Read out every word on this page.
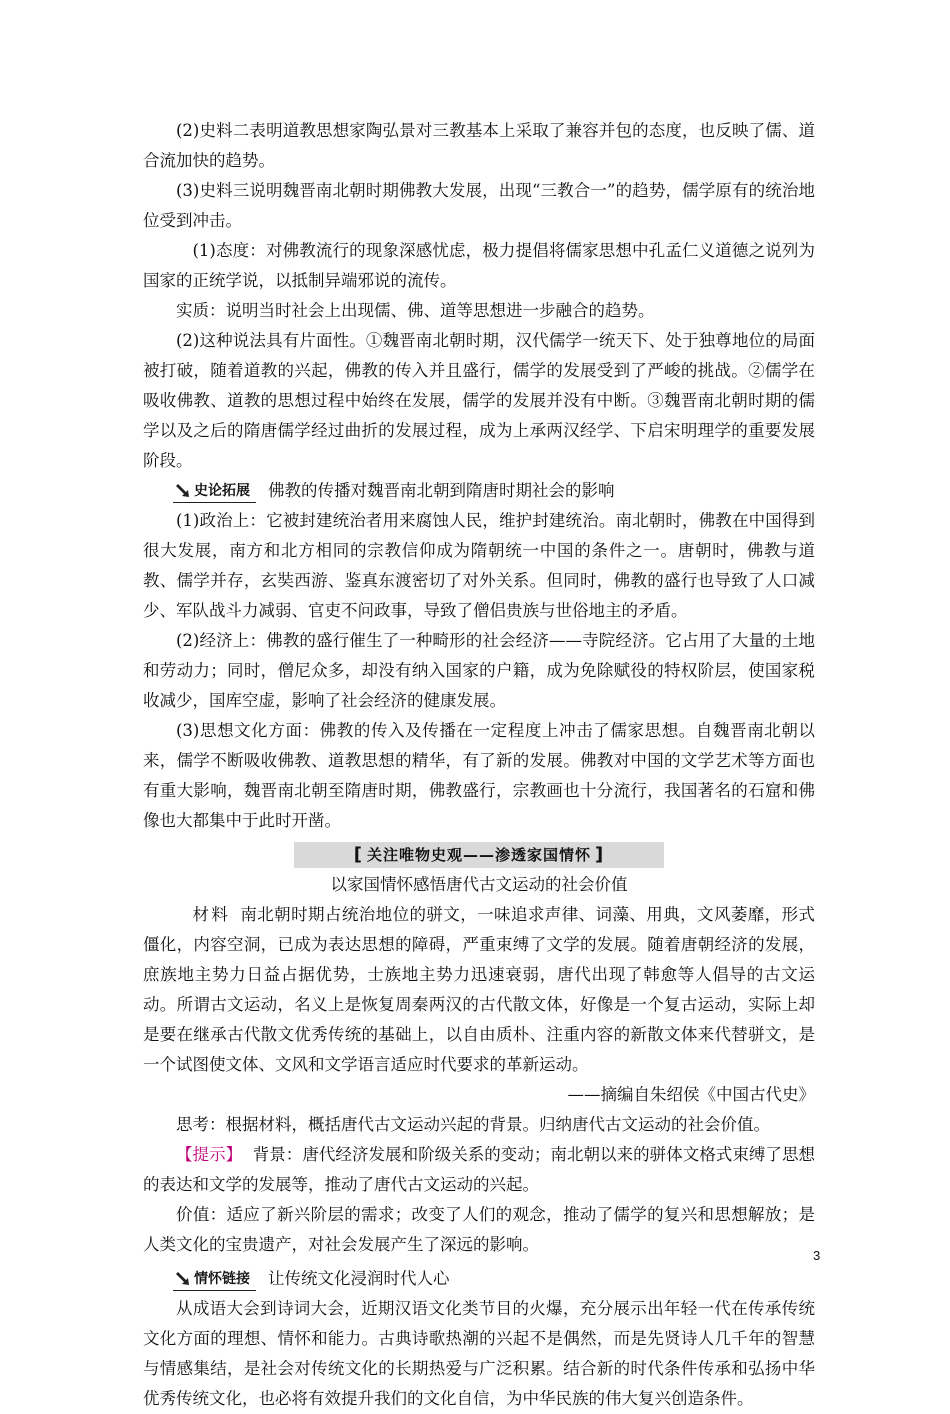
(2)史料二表明道教思想家陶弘景对三教基本上采取了兼容并包的态度，也反映了儒、道合流加快的趋势。

(3)史料三说明魏晋南北朝时期佛教大发展，出现“三教合一”的趋势，儒学原有的统治地位受到冲击。

(1)态度：对佛教流行的现象深感忧虑，极力提倡将儒家思想中孔孟仁义道德之说列为国家的正统学说，以抵制异端邪说的流传。

实质：说明当时社会上出现儒、佛、道等思想进一步融合的趋势。

(2)这种说法具有片面性。①魏晋南北朝时期，汉代儒学一统天下、处于独尊地位的局面被打破，随着道教的兴起，佛教的传入并且盛行，儒学的发展受到了严峻的挑战。②儒学在吸收佛教、道教的思想过程中始终在发展，儒学的发展并没有中断。③魏晋南北朝时期的儒学以及之后的隋唐儒学经过曲折的发展过程，成为上承两汉经学、下启宋明理学的重要发展阶段。

史论拓展 佛教的传播对魏晋南北朝到隋唐时期社会的影响

(1)政治上：它被封建统治者用来腐蚀人民，维护封建统治。南北朝时，佛教在中国得到很大发展，南方和北方相同的宗教信仰成为隋朝统一中国的条件之一。唐朝时，佛教与道教、儒学并存，玄奘西游、鉴真东渡密切了对外关系。但同时，佛教的盛行也导致了人口减少、军队战斗力减弱、官吏不问政事，导致了僧侣贵族与世俗地主的矛盾。

(2)经济上：佛教的盛行催生了一种畸形的社会经济——寺院经济。它占用了大量的土地和劳动力；同时，僧尼众多，却没有纳入国家的户籍，成为免除赋役的特权阶层，使国家税收减少，国库空虚，影响了社会经济的健康发展。

(3)思想文化方面：佛教的传入及传播在一定程度上冲击了儒家思想。自魏晋南北朝以来，儒学不断吸收佛教、道教思想的精华，有了新的发展。佛教对中国的文学艺术等方面也有重大影响，魏晋南北朝至隋唐时期，佛教盛行，宗教画也十分流行，我国著名的石窟和佛像也大都集中于此时开凿。

[ 关注唯物史观——渗透家国情怀 ]

以家国情怀感悟唐代古文运动的社会价值

材料 南北朝时期占统治地位的骈文，一味追求声律、词藻、用典，文风萎靡，形式僵化，内容空洞，已成为表达思想的障碍，严重束缚了文学的发展。随着唐朝经济的发展，庶族地主势力日益占据优势，士族地主势力迅速衰弱，唐代出现了韩愈等人倡导的古文运动。所谓古文运动，名义上是恢复周秦两汉的古代散文体，好像是一个复古运动，实际上却是要在继承古代散文优秀传统的基础上，以自由质朴、注重内容的新散文体来代替骈文，是一个试图使文体、文风和文学语言适应时代要求的革新运动。

——摘编自朱绍侯《中国古代史》

思考：根据材料，概括唐代古文运动兴起的背景。归纳唐代古文运动的社会价值。

【提示】 背景：唐代经济发展和阶级关系的变动；南北朝以来的骈体文格式束缚了思想的表达和文学的发展等，推动了唐代古文运动的兴起。

价值：适应了新兴阶层的需求；改变了人们的观念，推动了儒学的复兴和思想解放；是人类文化的宝贵遗产，对社会发展产生了深远的影响。

情怀链接 让传统文化浸润时代人心

从成语大会到诗词大会，近期汉语文化类节目的火爆，充分展示出年轻一代在传承传统文化方面的理想、情怀和能力。古典诗歌热潮的兴起不是偶然，而是先贤诗人几千年的智慧与情感集结，是社会对传统文化的长期热爱与广泛积累。结合新的时代条件传承和弘扬中华优秀传统文化，也必将有效提升我们的文化自信，为中华民族的伟大复兴创造条件。

3
